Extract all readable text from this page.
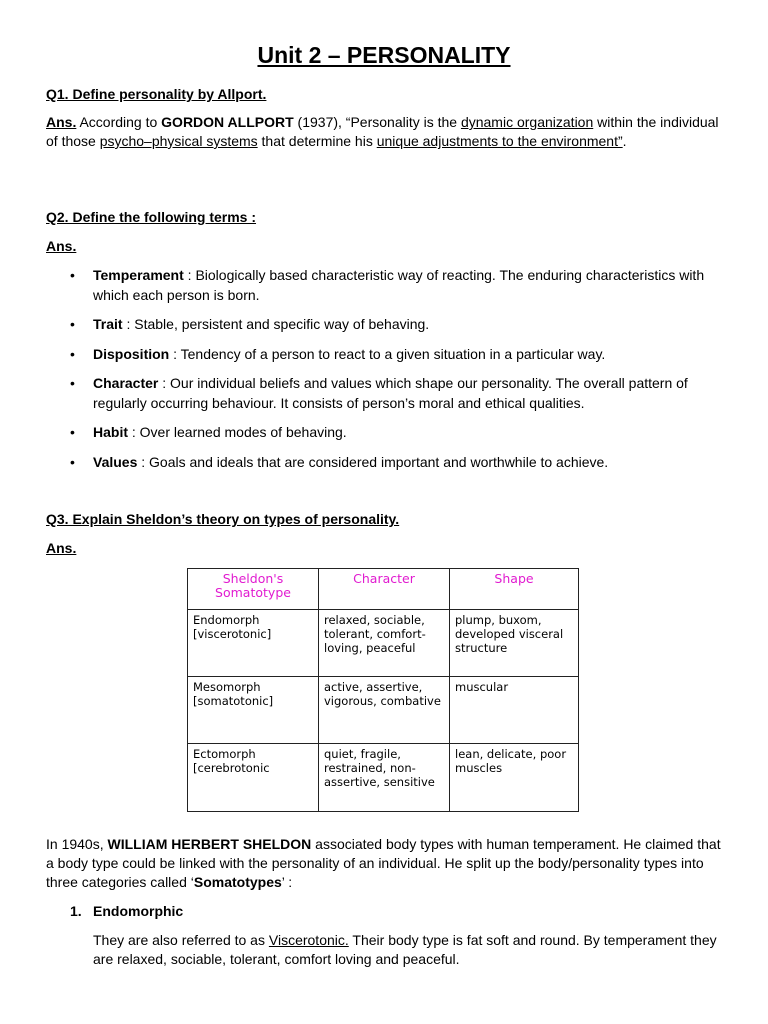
Unit 2 – PERSONALITY
Q1. Define personality by Allport.
Ans. According to GORDON ALLPORT (1937), “Personality is the dynamic organization within the individual of those psycho–physical systems that determine his unique adjustments to the environment”.
Q2. Define the following terms :
Ans.
• Temperament : Biologically based characteristic way of reacting. The enduring characteristics with which each person is born.
• Trait : Stable, persistent and specific way of behaving.
• Disposition : Tendency of a person to react to a given situation in a particular way.
• Character : Our individual beliefs and values which shape our personality. The overall pattern of regularly occurring behaviour. It consists of person’s moral and ethical qualities.
• Habit : Over learned modes of behaving.
• Values : Goals and ideals that are considered important and worthwhile to achieve.
Q3. Explain Sheldon’s theory on types of personality.
Ans.
Sheldon's Somatotype	Character	Shape
Endomorph [viscerotonic]	relaxed, sociable, tolerant, comfort-loving, peaceful	plump, buxom, developed visceral structure
Mesomorph [somatotonic]	active, assertive, vigorous, combative	muscular
Ectomorph [cerebrotonic	quiet, fragile, restrained, non-assertive, sensitive	lean, delicate, poor muscles
In 1940s, WILLIAM HERBERT SHELDON associated body types with human temperament. He claimed that a body type could be linked with the personality of an individual. He split up the body/personality types into three categories called ‘Somatotypes’ :
1. Endomorphic
They are also referred to as Viscerotonic. Their body type is fat soft and round. By temperament they are relaxed, sociable, tolerant, comfort loving and peaceful.
